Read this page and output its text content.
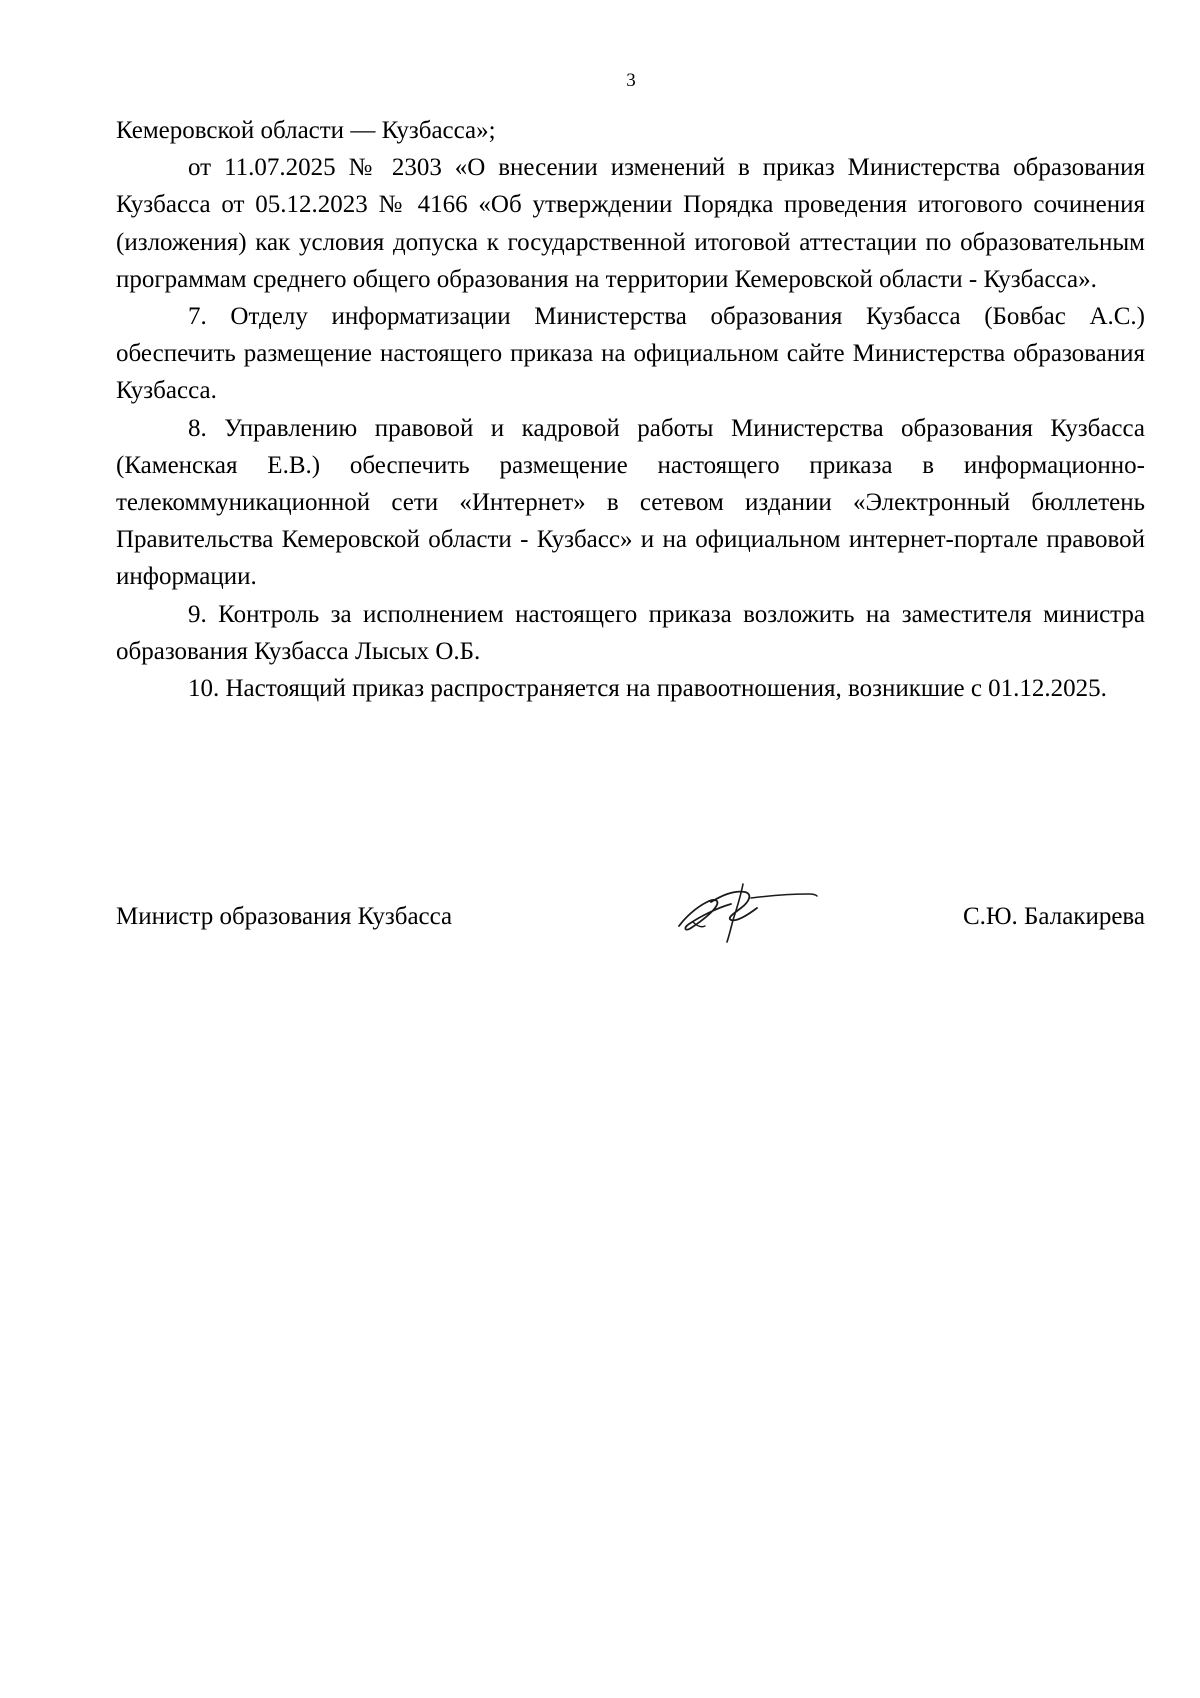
3

Кемеровской области — Кузбасса»;

от 11.07.2025 № 2303 «О внесении изменений в приказ Министерства образования Кузбасса от 05.12.2023 № 4166 «Об утверждении Порядка проведения итогового сочинения (изложения) как условия допуска к государственной итоговой аттестации по образовательным программам среднего общего образования на территории Кемеровской области - Кузбасса».

7. Отделу информатизации Министерства образования Кузбасса (Бовбас А.С.) обеспечить размещение настоящего приказа на официальном сайте Министерства образования Кузбасса.

8. Управлению правовой и кадровой работы Министерства образования Кузбасса (Каменская Е.В.) обеспечить размещение настоящего приказа в информационно-телекоммуникационной сети «Интернет» в сетевом издании «Электронный бюллетень Правительства Кемеровской области - Кузбасс» и на официальном интернет-портале правовой информации.

9. Контроль за исполнением настоящего приказа возложить на заместителя министра образования Кузбасса Лысых О.Б.

10. Настоящий приказ распространяется на правоотношения, возникшие с 01.12.2025.

Министр образования Кузбасса	С.Ю. Балакирева
